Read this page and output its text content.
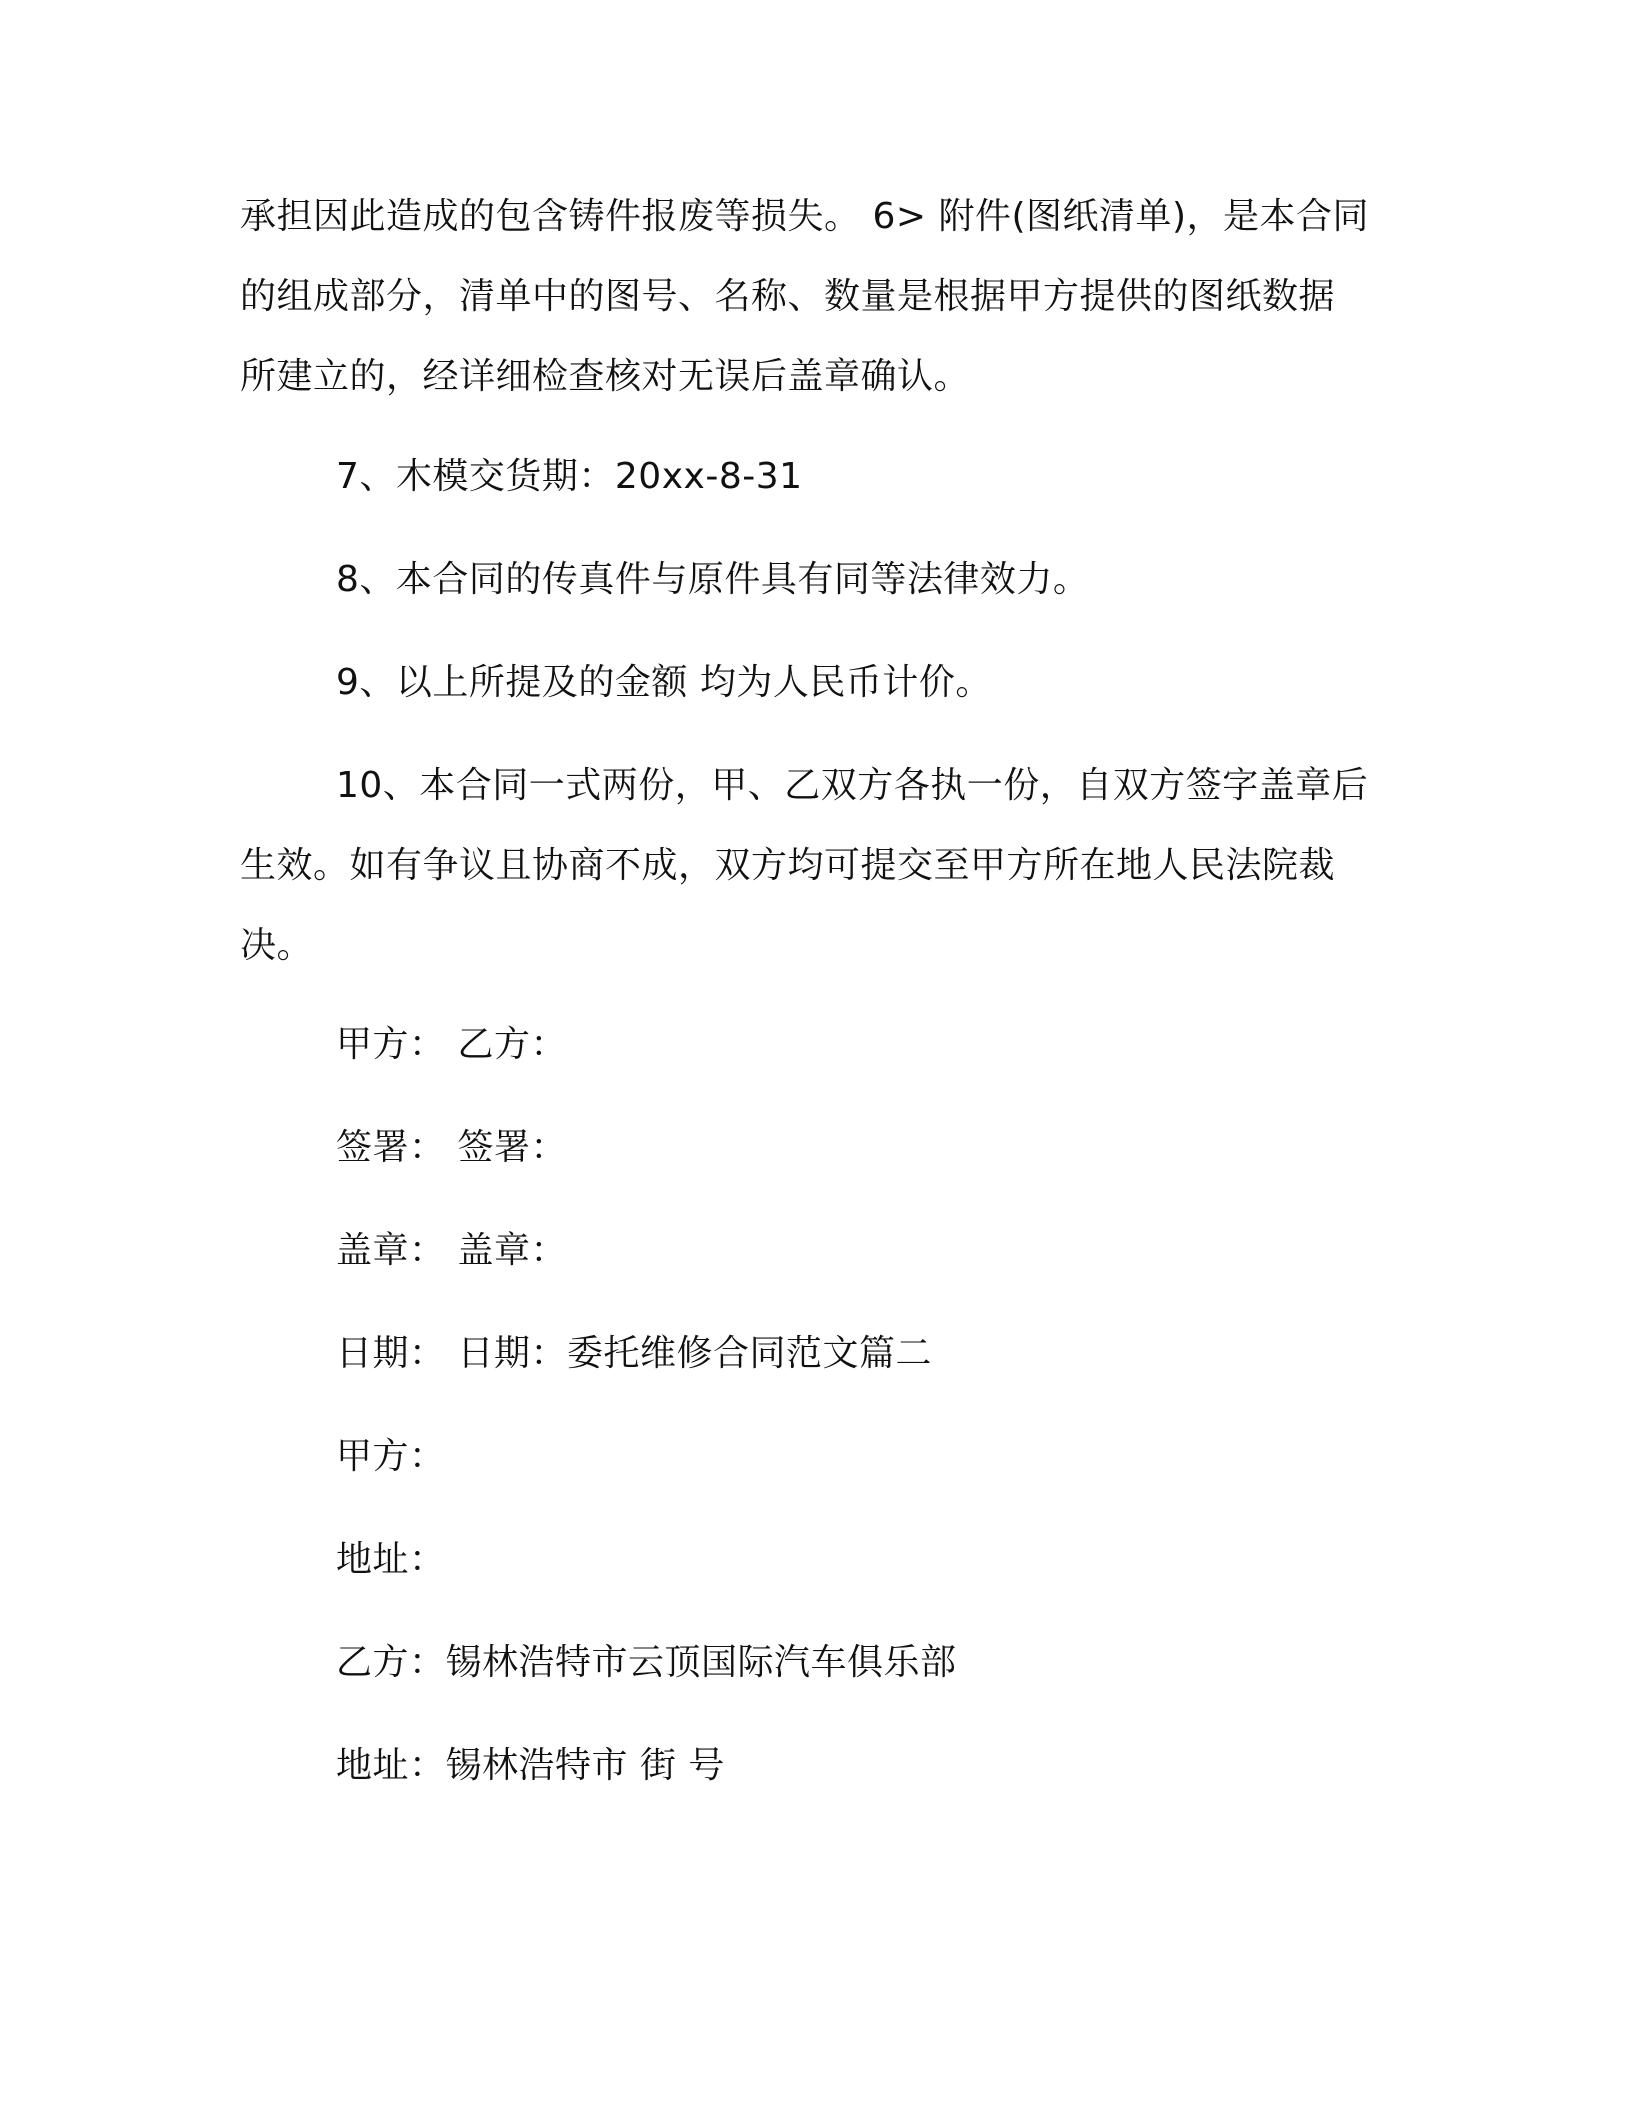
承担因此造成的包含铸件报废等损失。 6> 附件(图纸清单)，是本合同
的组成部分，清单中的图号、名称、数量是根据甲方提供的图纸数据
所建立的，经详细检查核对无误后盖章确认。
7、木模交货期：20xx-8-31
8、本合同的传真件与原件具有同等法律效力。
9、以上所提及的金额 均为人民币计价。
10、本合同一式两份，甲、乙双方各执一份，自双方签字盖章后
生效。如有争议且协商不成，双方均可提交至甲方所在地人民法院裁
决。
甲方： 乙方：
签署： 签署：
盖章： 盖章：
日期： 日期：委托维修合同范文篇二
甲方：
地址：
乙方：锡林浩特市云顶国际汽车俱乐部
地址：锡林浩特市 街 号
